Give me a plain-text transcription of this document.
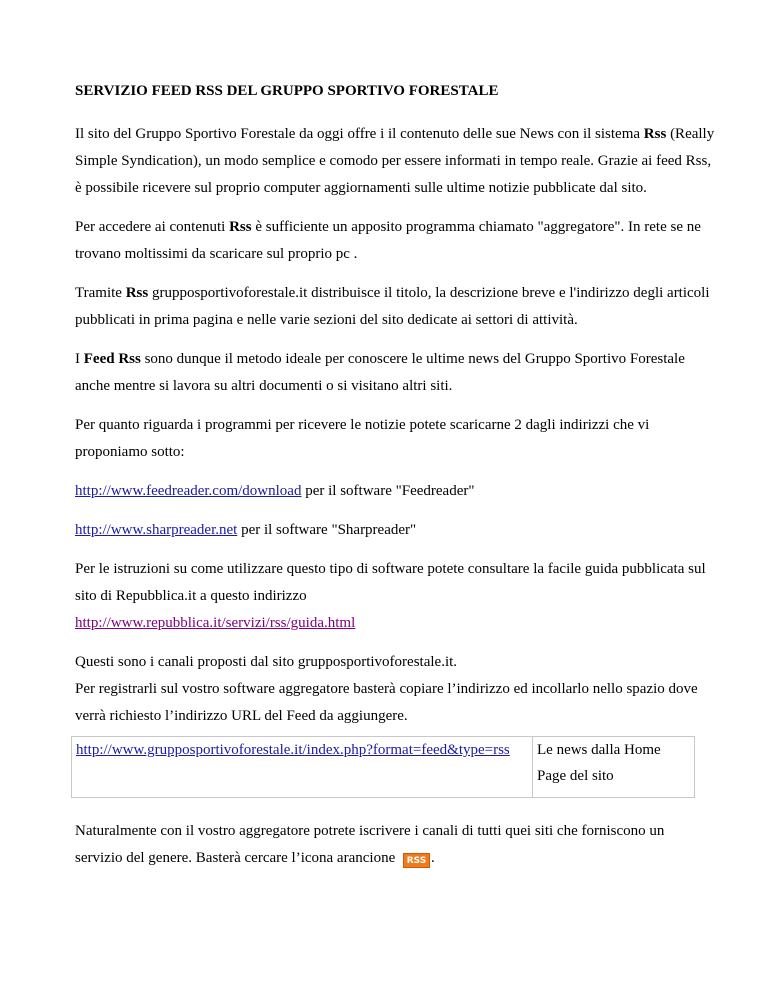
SERVIZIO FEED RSS DEL GRUPPO SPORTIVO FORESTALE

Il sito del Gruppo Sportivo Forestale da oggi offre i il contenuto delle sue News con il sistema Rss (Really Simple Syndication), un modo semplice e comodo per essere informati in tempo reale. Grazie ai feed Rss, è possibile ricevere sul proprio computer aggiornamenti sulle ultime notizie pubblicate dal sito.

Per accedere ai contenuti Rss è sufficiente un apposito programma chiamato "aggregatore". In rete se ne trovano moltissimi da scaricare sul proprio pc .

Tramite Rss grupposportivoforestale.it distribuisce il titolo, la descrizione breve e l'indirizzo degli articoli pubblicati in prima pagina e nelle varie sezioni del sito dedicate ai settori di attività.

I Feed Rss sono dunque il metodo ideale per conoscere le ultime news del Gruppo Sportivo Forestale anche mentre si lavora su altri documenti o si visitano altri siti.

Per quanto riguarda i programmi per ricevere le notizie potete scaricarne 2 dagli indirizzi che vi proponiamo sotto:

http://www.feedreader.com/download per il software "Feedreader"

http://www.sharpreader.net per il software "Sharpreader"

Per le istruzioni su come utilizzare questo tipo di software potete consultare la facile guida pubblicata sul sito di Repubblica.it a questo indirizzo
http://www.repubblica.it/servizi/rss/guida.html

Questi sono i canali proposti dal sito grupposportivoforestale.it.
Per registrarli sul vostro software aggregatore basterà copiare l’indirizzo ed incollarlo nello spazio dove verrà richiesto l’indirizzo URL del Feed da aggiungere.

http://www.grupposportivoforestale.it/index.php?format=feed&type=rss	Le news dalla Home Page del sito

Naturalmente con il vostro aggregatore potrete iscrivere i canali di tutti quei siti che forniscono un servizio del genere. Basterà cercare l’icona arancione RSS .
